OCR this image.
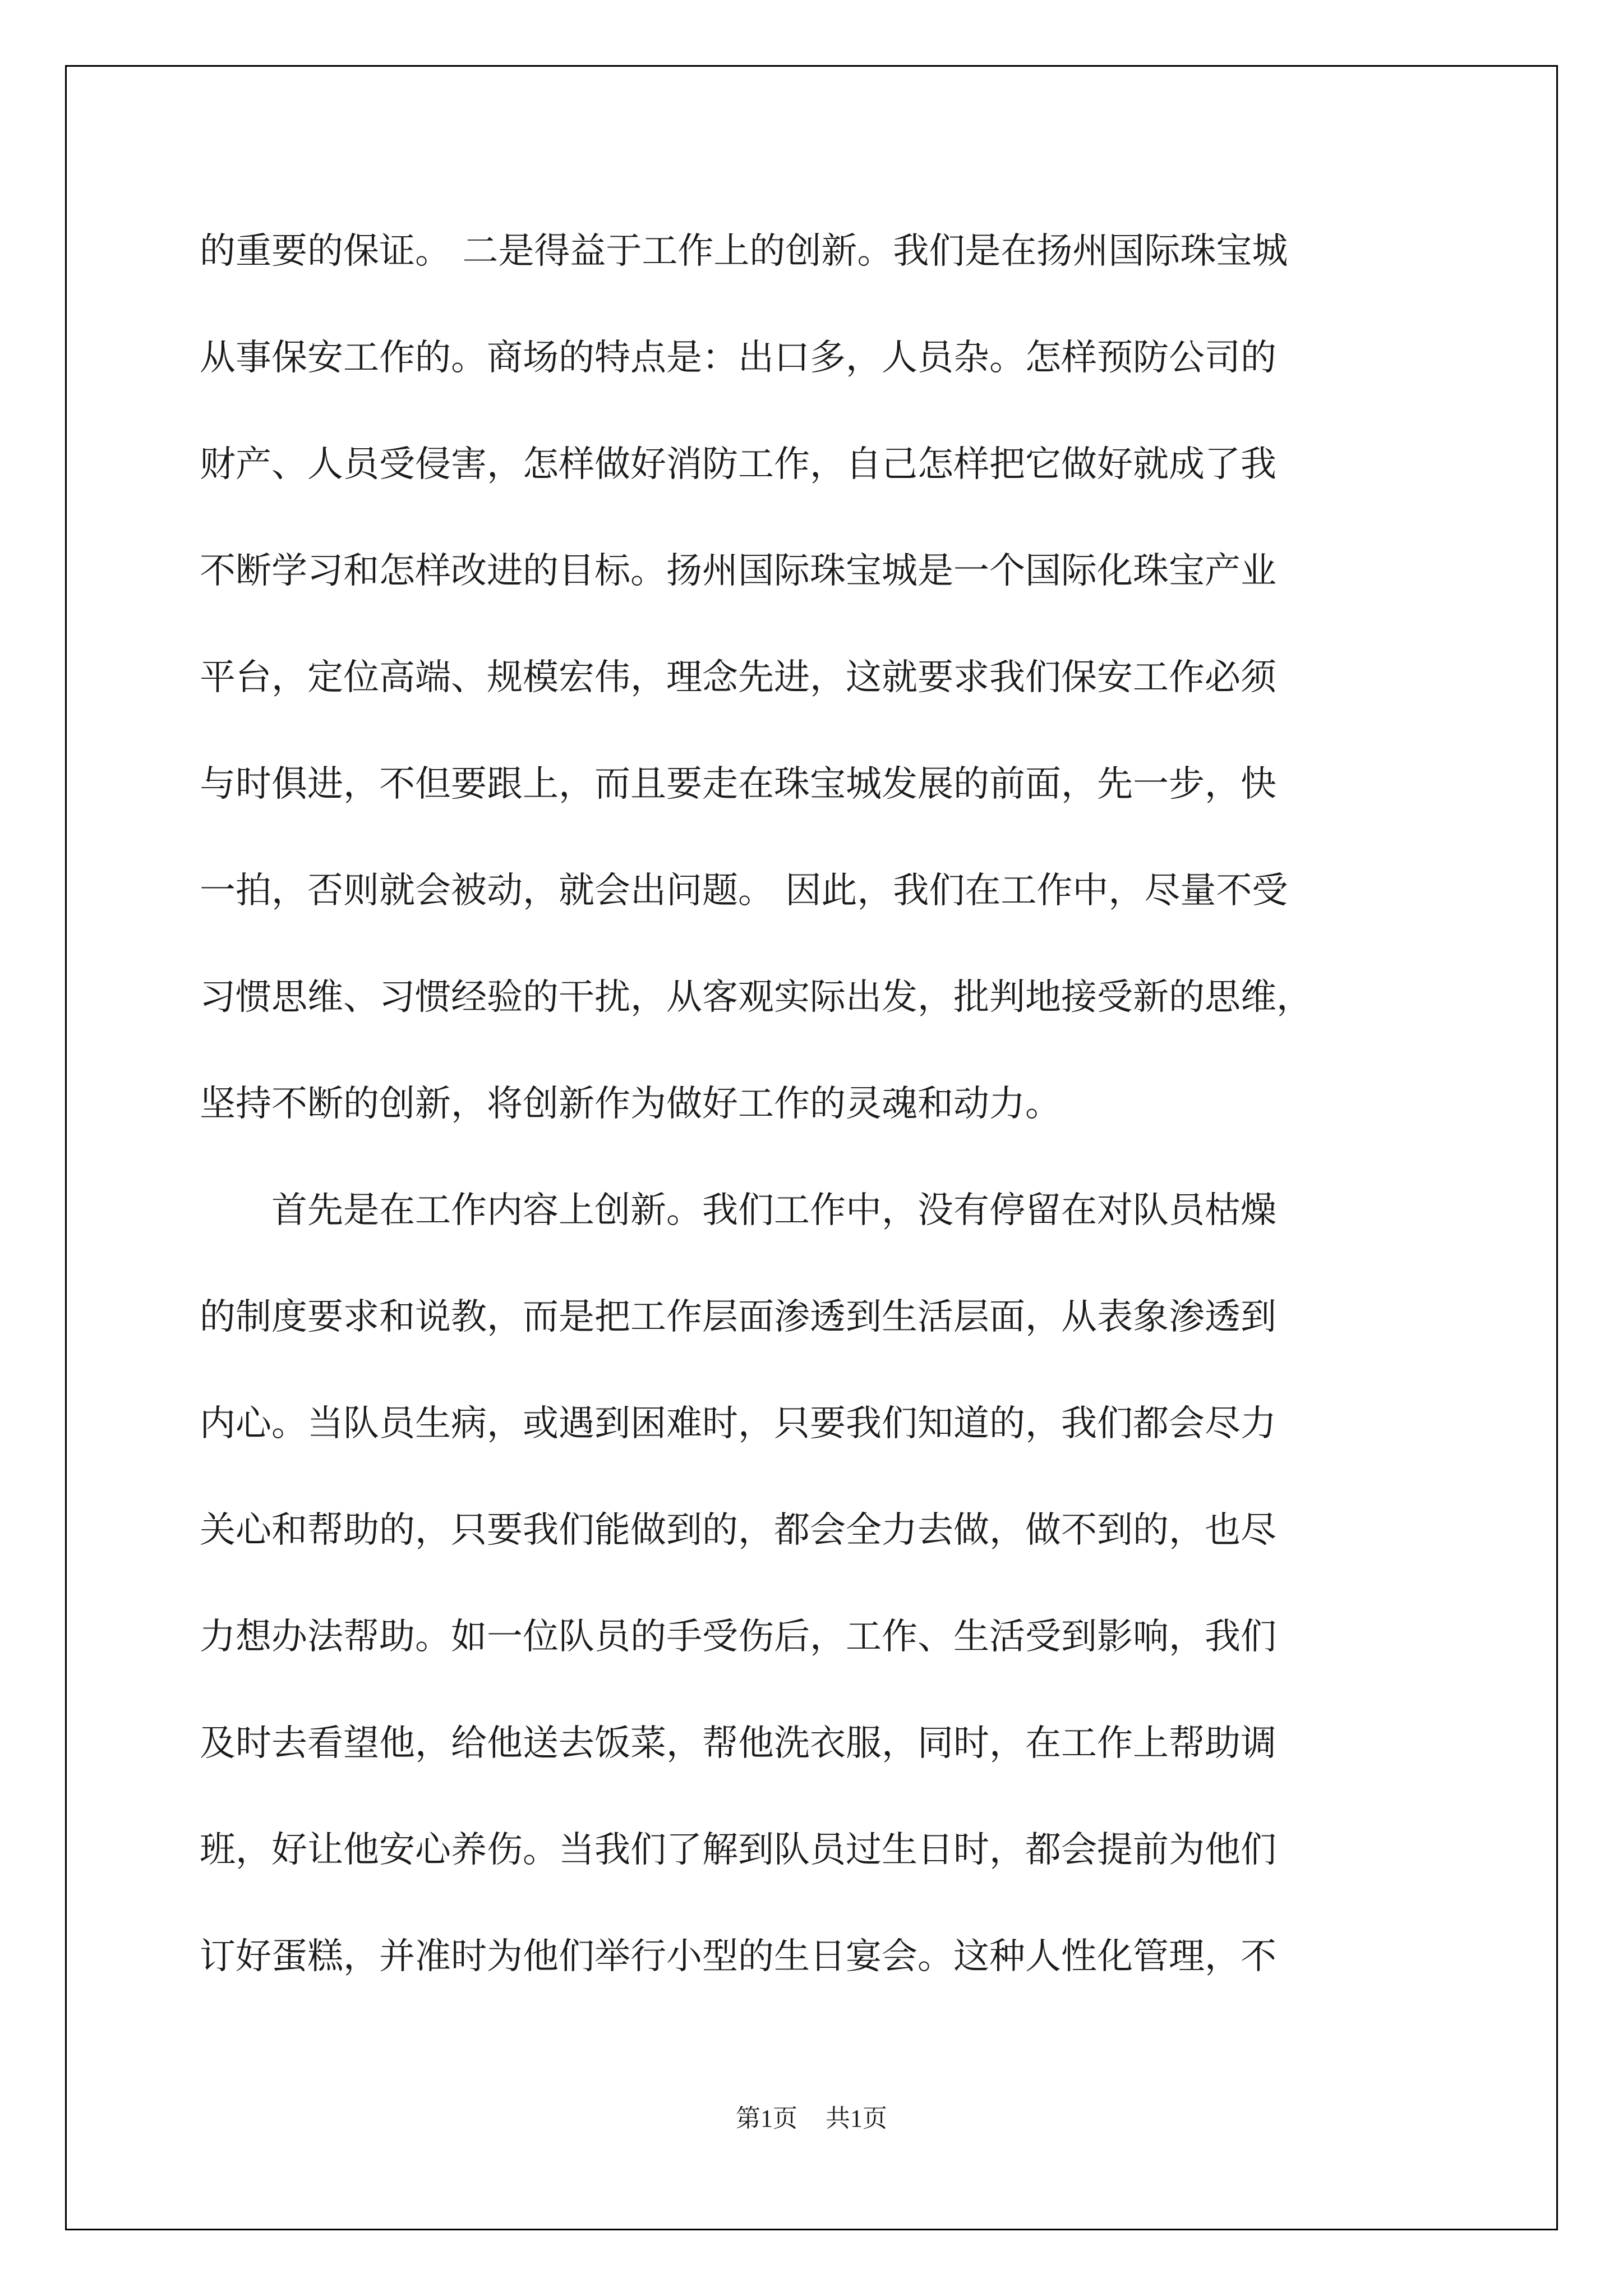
的重要的保证。 二是得益于工作上的创新。我们是在扬州国际珠宝城
从事保安工作的。商场的特点是：出口多，人员杂。怎样预防公司的
财产、人员受侵害，怎样做好消防工作，自己怎样把它做好就成了我
不断学习和怎样改进的目标。扬州国际珠宝城是一个国际化珠宝产业
平台，定位高端、规模宏伟，理念先进，这就要求我们保安工作必须
与时俱进，不但要跟上，而且要走在珠宝城发展的前面，先一步，快
一拍，否则就会被动，就会出问题。 因此，我们在工作中，尽量不受
习惯思维、习惯经验的干扰，从客观实际出发，批判地接受新的思维，
坚持不断的创新，将创新作为做好工作的灵魂和动力。
首先是在工作内容上创新。我们工作中，没有停留在对队员枯燥
的制度要求和说教，而是把工作层面渗透到生活层面，从表象渗透到
内心。当队员生病，或遇到困难时，只要我们知道的，我们都会尽力
关心和帮助的，只要我们能做到的，都会全力去做，做不到的，也尽
力想办法帮助。如一位队员的手受伤后，工作、生活受到影响，我们
及时去看望他，给他送去饭菜，帮他洗衣服，同时，在工作上帮助调
班，好让他安心养伤。当我们了解到队员过生日时，都会提前为他们
订好蛋糕，并准时为他们举行小型的生日宴会。这种人性化管理，不
第1页 共1页
